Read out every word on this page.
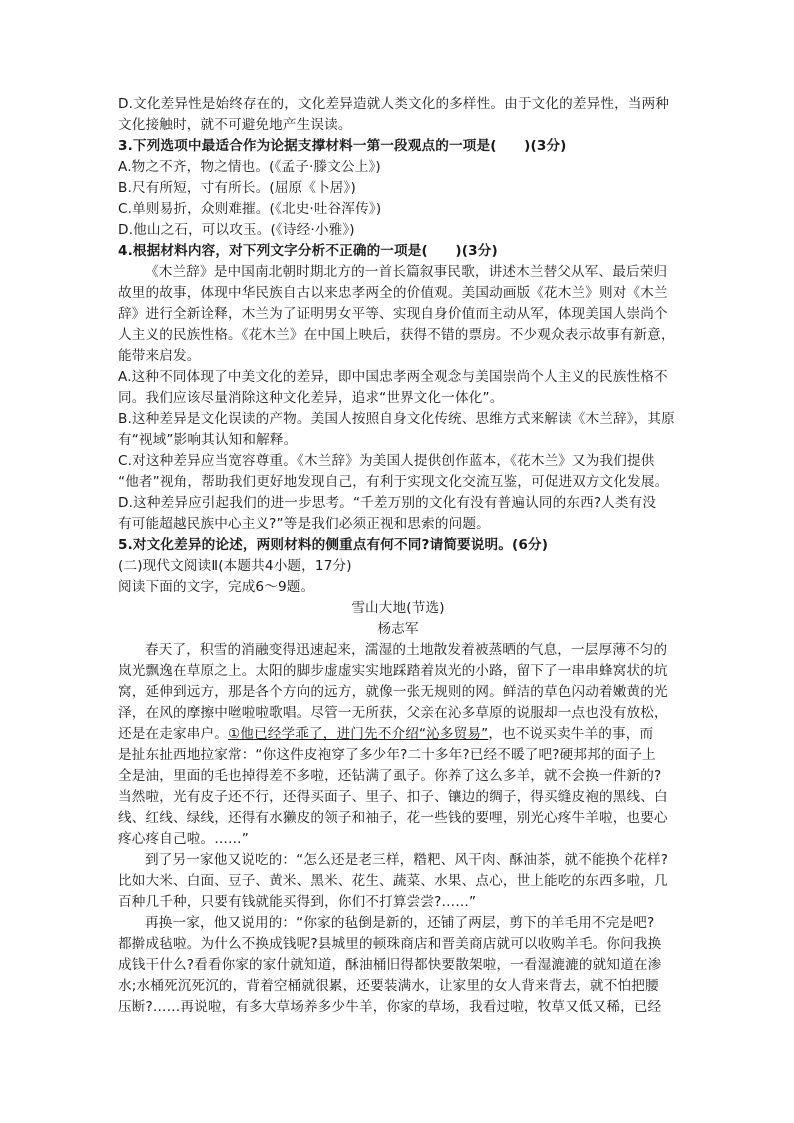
D.文化差异性是始终存在的，文化差异造就人类文化的多样性。由于文化的差异性，当两种
文化接触时，就不可避免地产生误读。
3.下列选项中最适合作为论据支撑材料一第一段观点的一项是(　　)(3分)
A.物之不齐，物之情也。(《孟子·滕文公上》)
B.尺有所短，寸有所长。(屈原《卜居》)
C.单则易折，众则难摧。(《北史·吐谷浑传》)
D.他山之石，可以攻玉。(《诗经·小雅》)
4.根据材料内容，对下列文字分析不正确的一项是(　　)(3分)
《木兰辞》是中国南北朝时期北方的一首长篇叙事民歌，讲述木兰替父从军、最后荣归
故里的故事，体现中华民族自古以来忠孝两全的价值观。美国动画版《花木兰》则对《木兰
辞》进行全新诠释，木兰为了证明男女平等、实现自身价值而主动从军，体现美国人崇尚个
人主义的民族性格。《花木兰》在中国上映后，获得不错的票房。不少观众表示故事有新意，
能带来启发。
A.这种不同体现了中美文化的差异，即中国忠孝两全观念与美国崇尚个人主义的民族性格不
同。我们应该尽量消除这种文化差异，追求“世界文化一体化”。
B.这种差异是文化误读的产物。美国人按照自身文化传统、思维方式来解读《木兰辞》，其原
有“视域”影响其认知和解释。
C.对这种差异应当宽容尊重。《木兰辞》为美国人提供创作蓝本，《花木兰》又为我们提供
“他者”视角，帮助我们更好地发现自己，有利于实现文化交流互鉴，可促进双方文化发展。
D.这种差异应引起我们的进一步思考。“千差万别的文化有没有普遍认同的东西?人类有没
有可能超越民族中心主义?”等是我们必须正视和思索的问题。
5.对文化差异的论述，两则材料的侧重点有何不同?请简要说明。(6分)
(二)现代文阅读Ⅱ(本题共4小题，17分)
阅读下面的文字，完成6～9题。
雪山大地(节选)
杨志军
春天了，积雪的消融变得迅速起来，濡湿的土地散发着被蒸晒的气息，一层厚薄不匀的
岚光飘逸在草原之上。太阳的脚步虚虚实实地踩踏着岚光的小路，留下了一串串蜂窝状的坑
窝，延伸到远方，那是各个方向的远方，就像一张无规则的网。鲜洁的草色闪动着嫩黄的光
泽，在风的摩擦中咝啦啦歌唱。尽管一无所获，父亲在沁多草原的说服却一点也没有放松，
还是在走家串户。①他已经学乖了，进门先不介绍“沁多贸易”，也不说买卖牛羊的事，而
是扯东扯西地拉家常：“你这件皮袍穿了多少年?二十多年?已经不暖了吧?硬邦邦的面子上
全是油，里面的毛也掉得差不多啦，还钻满了虱子。你养了这么多羊，就不会换一件新的?
当然啦，光有皮子还不行，还得买面子、里子、扣子、镶边的绸子，得买缝皮袍的黑线、白
线、红线、绿线，还得有水獭皮的领子和袖子，花一些钱的要哩，别光心疼牛羊啦，也要心
疼心疼自己啦。……”
到了另一家他又说吃的：“怎么还是老三样，糌粑、风干肉、酥油茶，就不能换个花样?
比如大米、白面、豆子、黄米、黑米、花生、蔬菜、水果、点心，世上能吃的东西多啦，几
百种几千种，只要有钱就能买得到，你们不打算尝尝?……”
再换一家，他又说用的：“你家的毡倒是新的，还铺了两层，剪下的羊毛用不完是吧?
都擀成毡啦。为什么不换成钱呢?县城里的顿珠商店和晋美商店就可以收购羊毛。你问我换
成钱干什么?看看你家的家什就知道，酥油桶旧得都快要散架啦，一看湿漉漉的就知道在渗
水;水桶死沉死沉的，背着空桶就很累，还要装满水，让家里的女人背来背去，就不怕把腰
压断?……再说啦，有多大草场养多少牛羊，你家的草场，我看过啦，牧草又低又稀，已经
